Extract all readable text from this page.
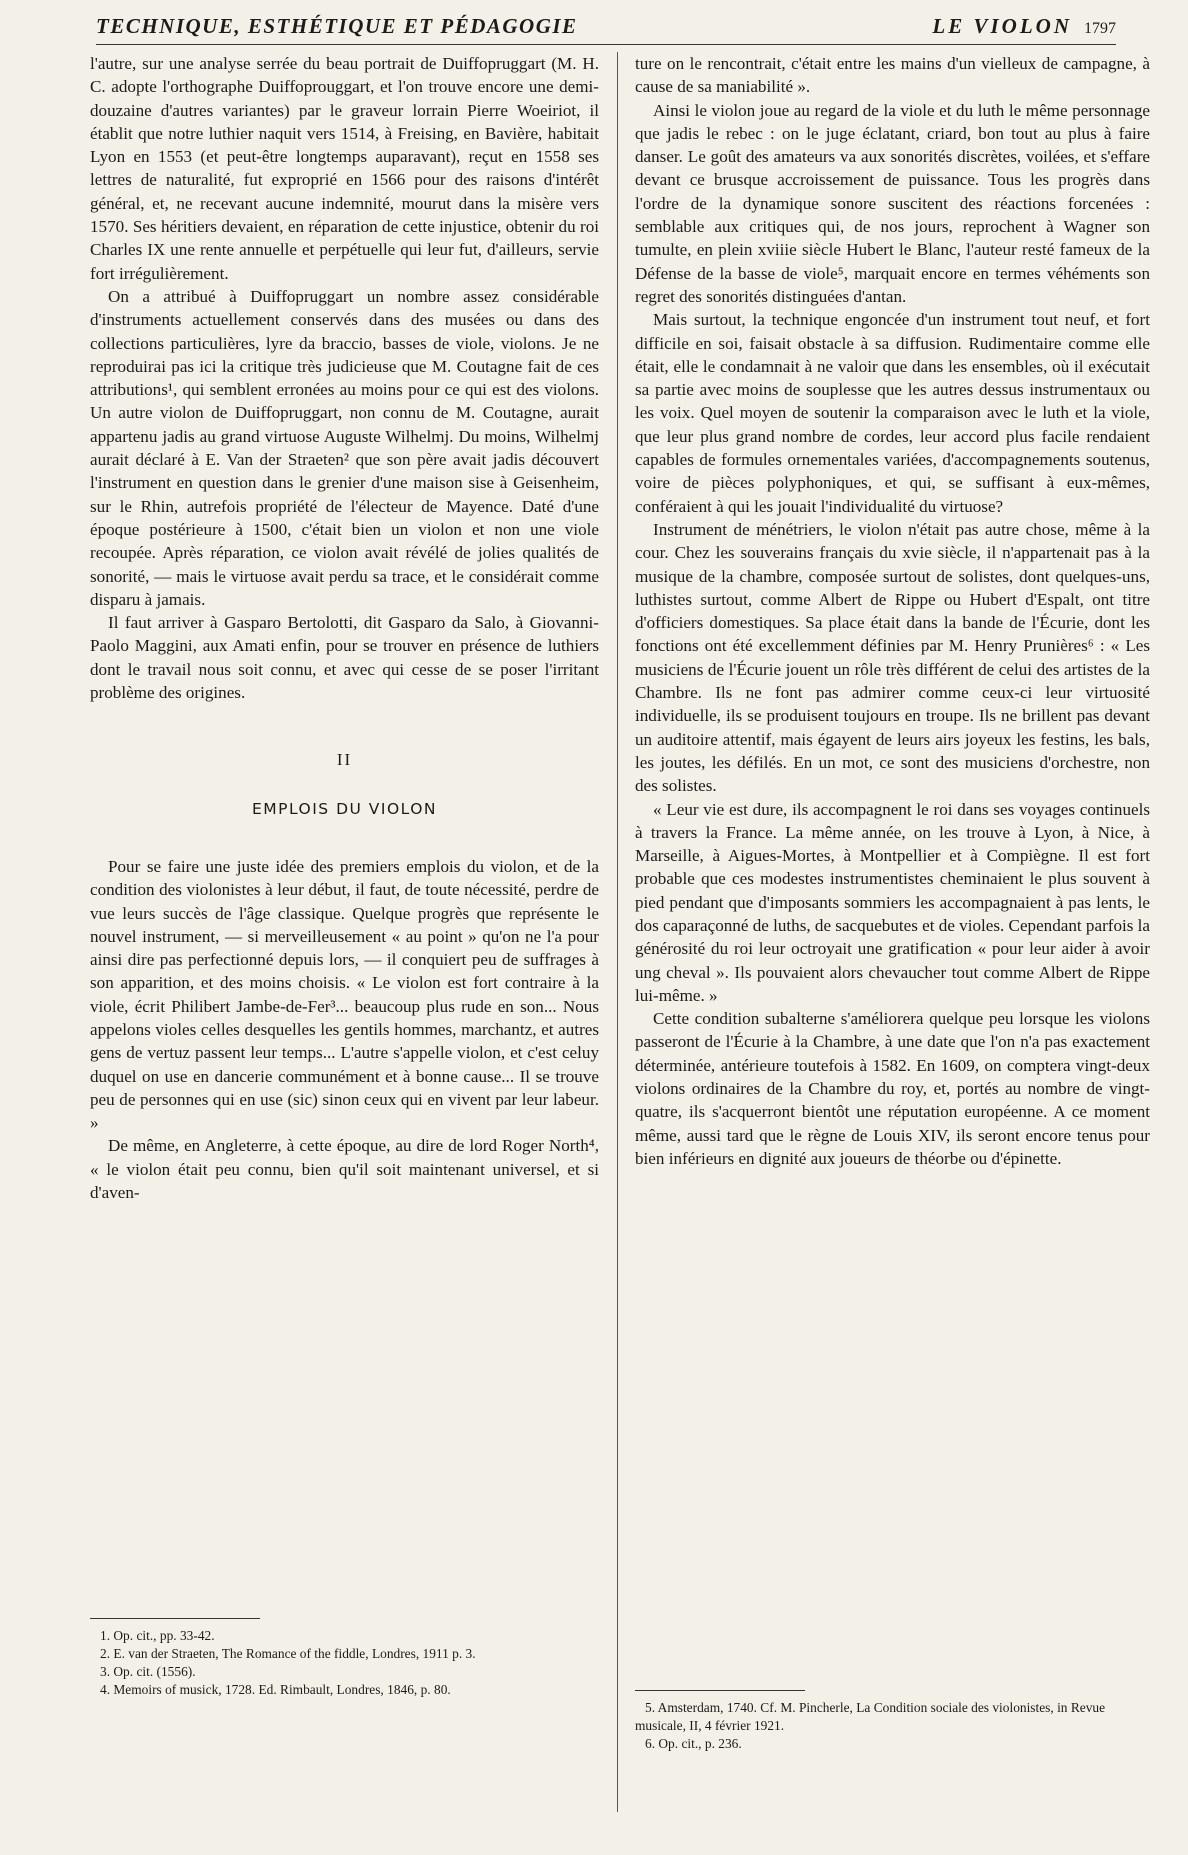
TECHNIQUE, ESTHÉTIQUE ET PÉDAGOGIE	LE VIOLON 1797

l'autre, sur une analyse serrée du beau portrait de Duiffopruggart (M. H. C. adopte l'orthographe Duiffoprouggart, et l'on trouve encore une demi-douzaine d'autres variantes) par le graveur lorrain Pierre Woeiriot, il établit que notre luthier naquit vers 1514, à Freising, en Bavière, habitait Lyon en 1553 (et peut-être longtemps auparavant), reçut en 1558 ses lettres de naturalité, fut exproprié en 1566 pour des raisons d'intérêt général, et, ne recevant aucune indemnité, mourut dans la misère vers 1570. Ses héritiers devaient, en réparation de cette injustice, obtenir du roi Charles IX une rente annuelle et perpétuelle qui leur fut, d'ailleurs, servie fort irrégulièrement.

On a attribué à Duiffopruggart un nombre assez considérable d'instruments actuellement conservés dans des musées ou dans des collections particulières, lyre da braccio, basses de viole, violons. Je ne reproduirai pas ici la critique très judicieuse que M. Coutagne fait de ces attributions¹, qui semblent erronées au moins pour ce qui est des violons. Un autre violon de Duiffopruggart, non connu de M. Coutagne, aurait appartenu jadis au grand virtuose Auguste Wilhelmj. Du moins, Wilhelmj aurait déclaré à E. Van der Straeten² que son père avait jadis découvert l'instrument en question dans le grenier d'une maison sise à Geisenheim, sur le Rhin, autrefois propriété de l'électeur de Mayence. Daté d'une époque postérieure à 1500, c'était bien un violon et non une viole recoupée. Après réparation, ce violon avait révélé de jolies qualités de sonorité, — mais le virtuose avait perdu sa trace, et le considérait comme disparu à jamais.

Il faut arriver à Gasparo Bertolotti, dit Gasparo da Salo, à Giovanni-Paolo Maggini, aux Amati enfin, pour se trouver en présence de luthiers dont le travail nous soit connu, et avec qui cesse de se poser l'irritant problème des origines.

II
EMPLOIS DU VIOLON

Pour se faire une juste idée des premiers emplois du violon, et de la condition des violonistes à leur début, il faut, de toute nécessité, perdre de vue leurs succès de l'âge classique. Quelque progrès que représente le nouvel instrument, — si merveilleusement « au point » qu'on ne l'a pour ainsi dire pas perfectionné depuis lors, — il conquiert peu de suffrages à son apparition, et des moins choisis. « Le violon est fort contraire à la viole, écrit Philibert Jambe-de-Fer³... beaucoup plus rude en son... Nous appelons violes celles desquelles les gentils hommes, marchantz, et autres gens de vertuz passent leur temps... L'autre s'appelle violon, et c'est celuy duquel on use en dancerie communément et à bonne cause... Il se trouve peu de personnes qui en use (sic) sinon ceux qui en vivent par leur labeur. »

De même, en Angleterre, à cette époque, au dire de lord Roger North⁴, « le violon était peu connu, bien qu'il soit maintenant universel, et si d'aven-

1. Op. cit., pp. 33-42.

2. E. van der Straeten, The Romance of the fiddle, Londres, 1911 p. 3.

3. Op. cit. (1556).

4. Memoirs of musick, 1728. Ed. Rimbault, Londres, 1846, p. 80.

ture on le rencontrait, c'était entre les mains d'un vielleux de campagne, à cause de sa maniabilité ».

Ainsi le violon joue au regard de la viole et du luth le même personnage que jadis le rebec : on le juge éclatant, criard, bon tout au plus à faire danser. Le goût des amateurs va aux sonorités discrètes, voilées, et s'effare devant ce brusque accroissement de puissance. Tous les progrès dans l'ordre de la dynamique sonore suscitent des réactions forcenées : semblable aux critiques qui, de nos jours, reprochent à Wagner son tumulte, en plein xviiie siècle Hubert le Blanc, l'auteur resté fameux de la Défense de la basse de viole⁵, marquait encore en termes véhéments son regret des sonorités distinguées d'antan.

Mais surtout, la technique engoncée d'un instrument tout neuf, et fort difficile en soi, faisait obstacle à sa diffusion. Rudimentaire comme elle était, elle le condamnait à ne valoir que dans les ensembles, où il exécutait sa partie avec moins de souplesse que les autres dessus instrumentaux ou les voix. Quel moyen de soutenir la comparaison avec le luth et la viole, que leur plus grand nombre de cordes, leur accord plus facile rendaient capables de formules ornementales variées, d'accompagnements soutenus, voire de pièces polyphoniques, et qui, se suffisant à eux-mêmes, conféraient à qui les jouait l'individualité du virtuose?

Instrument de ménétriers, le violon n'était pas autre chose, même à la cour. Chez les souverains français du xvie siècle, il n'appartenait pas à la musique de la chambre, composée surtout de solistes, dont quelques-uns, luthistes surtout, comme Albert de Rippe ou Hubert d'Espalt, ont titre d'officiers domestiques. Sa place était dans la bande de l'Écurie, dont les fonctions ont été excellemment définies par M. Henry Prunières⁶ : « Les musiciens de l'Écurie jouent un rôle très différent de celui des artistes de la Chambre. Ils ne font pas admirer comme ceux-ci leur virtuosité individuelle, ils se produisent toujours en troupe. Ils ne brillent pas devant un auditoire attentif, mais égayent de leurs airs joyeux les festins, les bals, les joutes, les défilés. En un mot, ce sont des musiciens d'orchestre, non des solistes.

« Leur vie est dure, ils accompagnent le roi dans ses voyages continuels à travers la France. La même année, on les trouve à Lyon, à Nice, à Marseille, à Aigues-Mortes, à Montpellier et à Compiègne. Il est fort probable que ces modestes instrumentistes cheminaient le plus souvent à pied pendant que d'imposants sommiers les accompagnaient à pas lents, le dos caparaçonné de luths, de sacquebutes et de violes. Cependant parfois la générosité du roi leur octroyait une gratification « pour leur aider à avoir ung cheval ». Ils pouvaient alors chevaucher tout comme Albert de Rippe lui-même. »

Cette condition subalterne s'améliorera quelque peu lorsque les violons passeront de l'Écurie à la Chambre, à une date que l'on n'a pas exactement déterminée, antérieure toutefois à 1582. En 1609, on comptera vingt-deux violons ordinaires de la Chambre du roy, et, portés au nombre de vingt-quatre, ils s'acquerront bientôt une réputation européenne. A ce moment même, aussi tard que le règne de Louis XIV, ils seront encore tenus pour bien inférieurs en dignité aux joueurs de théorbe ou d'épinette.

5. Amsterdam, 1740. Cf. M. Pincherle, La Condition sociale des violonistes, in Revue musicale, II, 4 février 1921.

6. Op. cit., p. 236.
